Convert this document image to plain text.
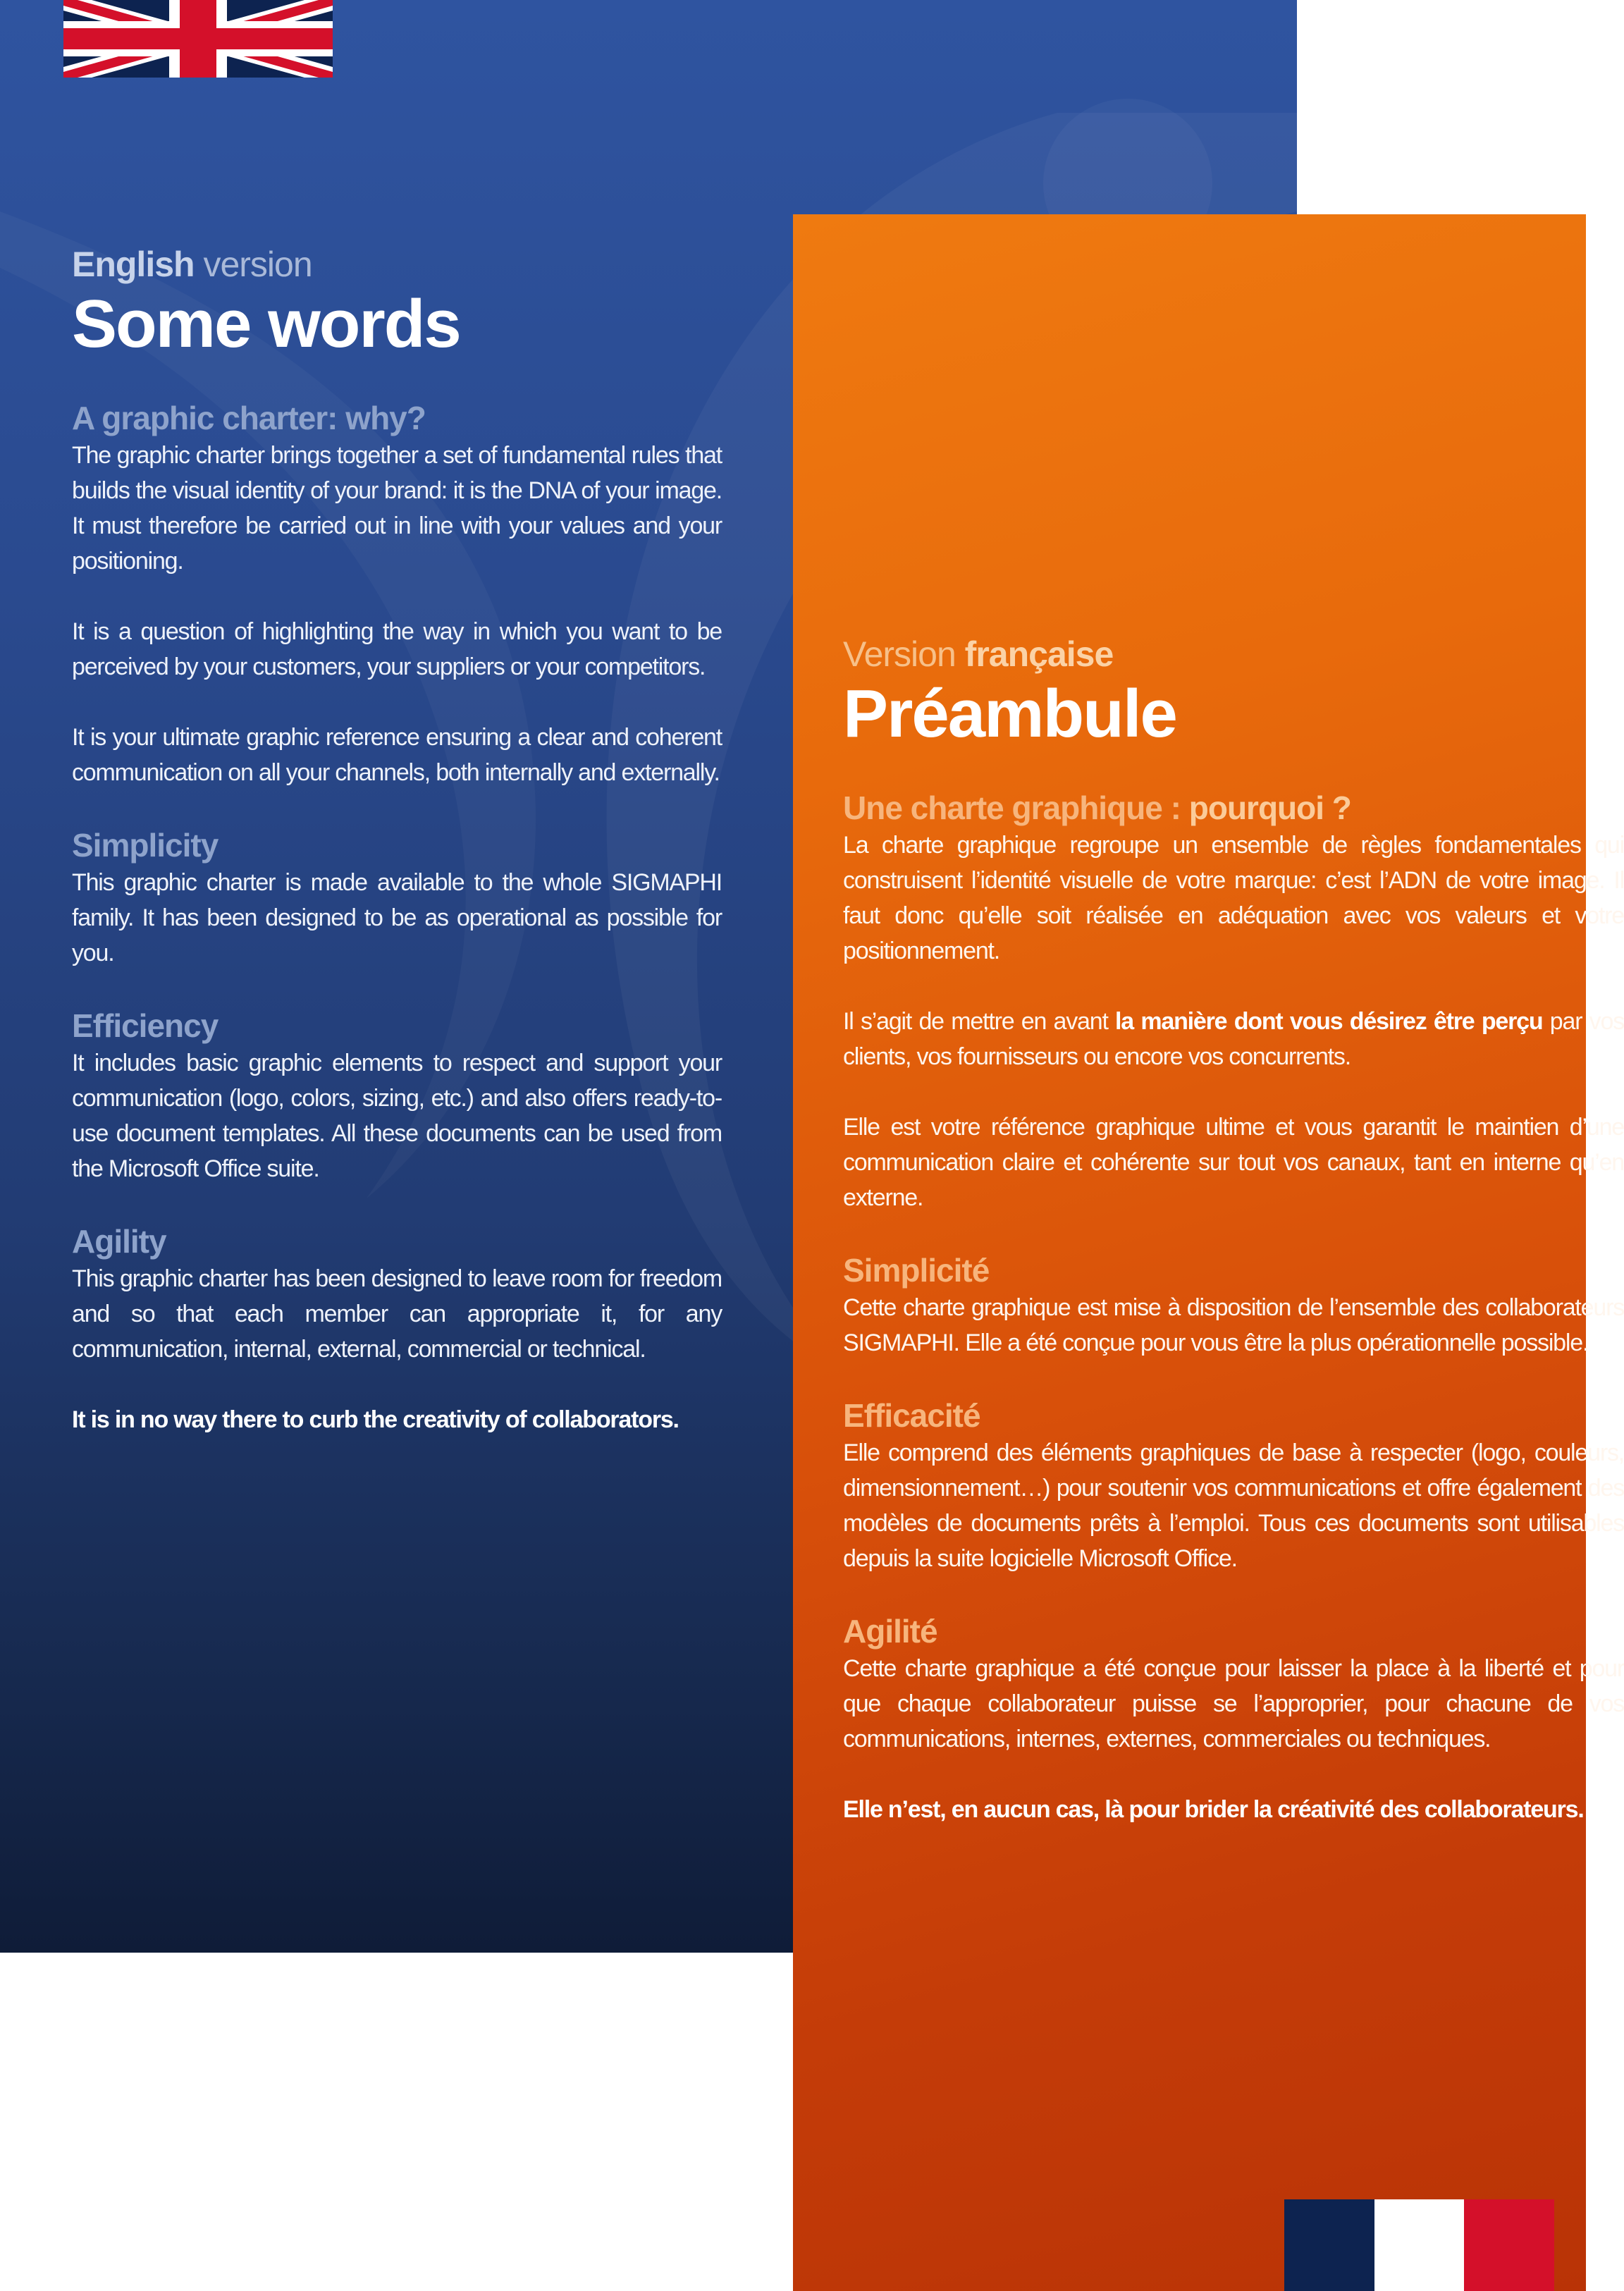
English version

Some words
A graphic charter: why?

The graphic charter brings together a set of fundamental rules that builds the visual identity of your brand: it is the DNA of your image. It must therefore be carried out in line with your values and your positioning.

It is a question of highlighting the way in which you want to be perceived by your customers, your suppliers or your competitors.

It is your ultimate graphic reference ensuring a clear and coherent communication on all your channels, both internally and externally.

Simplicity

This graphic charter is made available to the whole SIGMAPHI family. It has been designed to be as operational as possible for you.

Efficiency

It includes basic graphic elements to respect and support your communication (logo, colors, sizing, etc.) and also offers ready-to-use document templates. All these documents can be used from the Microsoft Office suite.

Agility

This graphic charter has been designed to leave room for freedom and so that each member can appropriate it, for any communication, internal, external, commercial or technical.

It is in no way there to curb the creativity of collaborators.

Version française

Préambule
Une charte graphique : pourquoi ?

La charte graphique regroupe un ensemble de règles fondamentales qui construisent l’identité visuelle de votre marque: c’est l’ADN de votre image. Il faut donc qu’elle soit réalisée en adéquation avec vos valeurs et votre positionnement.

Il s’agit de mettre en avant la manière dont vous désirez être perçu par vos clients, vos fournisseurs ou encore vos concurrents.

Elle est votre référence graphique ultime et vous garantit le maintien d’une communication claire et cohérente sur tout vos canaux, tant en interne qu’en externe.

Simplicité

Cette charte graphique est mise à disposition de l’ensemble des collaborateurs SIGMAPHI. Elle a été conçue pour vous être la plus opérationnelle possible.

Efficacité

Elle comprend des éléments graphiques de base à respecter (logo, couleurs, dimensionnement…) pour soutenir vos communications et offre également des modèles de documents prêts à l’emploi. Tous ces documents sont utilisables depuis la suite logicielle Microsoft Office.

Agilité

Cette charte graphique a été conçue pour laisser la place à la liberté et pour que chaque collaborateur puisse se l’approprier, pour chacune de vos communications, internes, externes, commerciales ou techniques.

Elle n’est, en aucun cas, là pour brider la créativité des collaborateurs.
